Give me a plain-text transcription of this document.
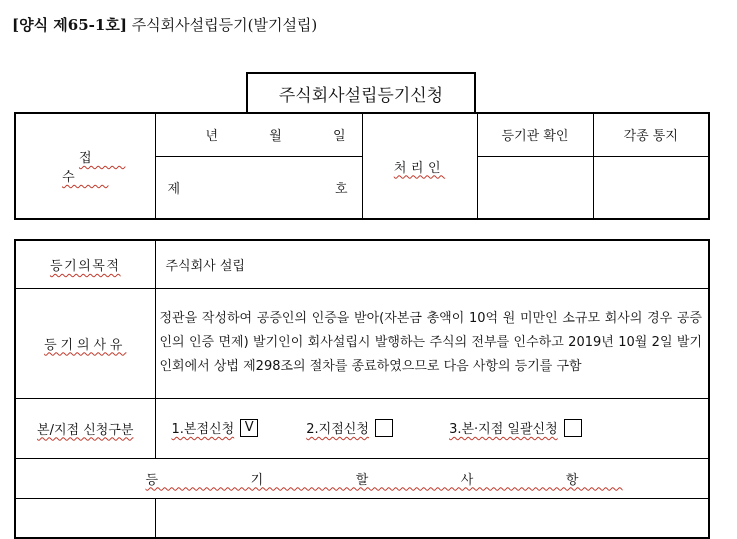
[양식 제65-1호] 주식회사설립등기(발기설립)
주식회사설립등기신청
접 수	년 월 일	처리인	등기관 확인	각종 통지

	제 호			

등기의목적	주식회사 설립
등기의사유	정관을 작성하여 공증인의 인증을 받아(자본금 총액이 10억 원 미만인 소규모 회사의 경우 공증인의 인증 면제) 발기인이 회사설립시 발행하는 주식의 전부를 인수하고 2019년 10월 2일 발기인회에서 상법 제298조의 절차를 종료하였으므로 다음 사항의 등기를 구함
본/지점 신청구분	1.본점신청 V 2.지점신청 3.본·지점 일괄신청
등 기 할 사 항	
